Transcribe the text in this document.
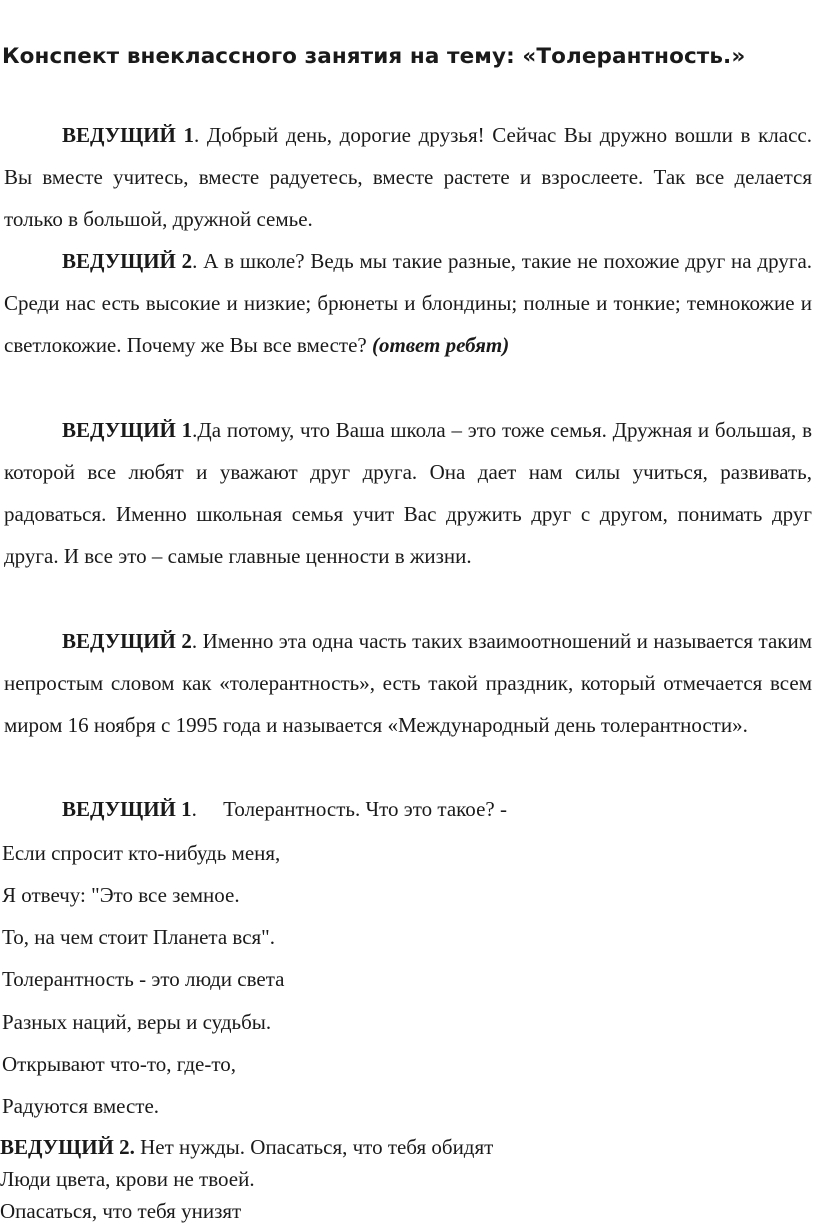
Конспект внеклассного занятия на тему: «Толерантность.»

ВЕДУЩИЙ 1. Добрый день, дорогие друзья! Сейчас Вы дружно вошли в класс. Вы вместе учитесь, вместе радуетесь, вместе растете и взрослеете. Так все делается только в большой, дружной семье.

ВЕДУЩИЙ 2. А в школе? Ведь мы такие разные, такие не похожие друг на друга. Среди нас есть высокие и низкие; брюнеты и блондины; полные и тонкие; темнокожие и светлокожие. Почему же Вы все вместе? (ответ ребят)

ВЕДУЩИЙ 1.Да потому, что Ваша школа – это тоже семья. Дружная и большая, в которой все любят и уважают друг друга. Она дает нам силы учиться, развивать, радоваться. Именно школьная семья учит Вас дружить друг с другом, понимать друг друга. И все это – самые главные ценности в жизни.

ВЕДУЩИЙ 2. Именно эта одна часть таких взаимоотношений и называется таким непростым словом как «толерантность», есть такой праздник, который отмечается всем миром 16 ноября с 1995 года и называется «Международный день толерантности».

ВЕДУЩИЙ 1.     Толерантность. Что это такое? -

Если спросит кто-нибудь меня,

Я отвечу: "Это все земное.

То, на чем стоит Планета вся".

Толерантность - это люди света

Разных наций, веры и судьбы.

Открывают что-то, где-то,

Радуются вместе.

ВЕДУЩИЙ 2. Нет нужды. Опасаться, что тебя обидят
Люди цвета, крови не твоей.
Опасаться, что тебя унизят
